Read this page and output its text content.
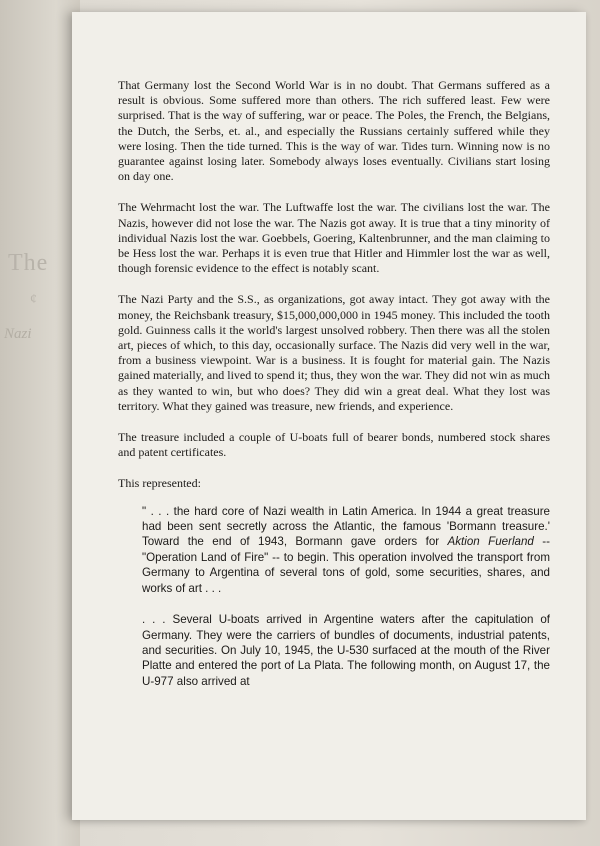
The
¢
Nazi

That Germany lost the Second World War is in no doubt. That Germans suffered as a result is obvious. Some suffered more than others. The rich suffered least. Few were surprised. That is the way of suffering, war or peace. The Poles, the French, the Belgians, the Dutch, the Serbs, et. al., and especially the Russians certainly suffered while they were losing. Then the tide turned. This is the way of war. Tides turn. Winning now is no guarantee against losing later. Somebody always loses eventually. Civilians start losing on day one.

The Wehrmacht lost the war. The Luftwaffe lost the war. The civilians lost the war. The Nazis, however did not lose the war. The Nazis got away. It is true that a tiny minority of individual Nazis lost the war. Goebbels, Goering, Kaltenbrunner, and the man claiming to be Hess lost the war. Perhaps it is even true that Hitler and Himmler lost the war as well, though forensic evidence to the effect is notably scant.

The Nazi Party and the S.S., as organizations, got away intact. They got away with the money, the Reichsbank treasury, $15,000,000,000 in 1945 money. This included the tooth gold. Guinness calls it the world's largest unsolved robbery. Then there was all the stolen art, pieces of which, to this day, occasionally surface. The Nazis did very well in the war, from a business viewpoint. War is a business. It is fought for material gain. The Nazis gained materially, and lived to spend it; thus, they won the war. They did not win as much as they wanted to win, but who does? They did win a great deal. What they lost was territory. What they gained was treasure, new friends, and experience.

The treasure included a couple of U-boats full of bearer bonds, numbered stock shares and patent certificates.

This represented:

" . . . the hard core of Nazi wealth in Latin America. In 1944 a great treasure had been sent secretly across the Atlantic, the famous 'Bormann treasure.' Toward the end of 1943, Bormann gave orders for Aktion Fuerland -- "Operation Land of Fire" -- to begin. This operation involved the transport from Germany to Argentina of several tons of gold, some securities, shares, and works of art . . .

. . . Several U-boats arrived in Argentine waters after the capitulation of Germany. They were the carriers of bundles of documents, industrial patents, and securities. On July 10, 1945, the U-530 surfaced at the mouth of the River Platte and entered the port of La Plata. The following month, on August 17, the U-977 also arrived at
